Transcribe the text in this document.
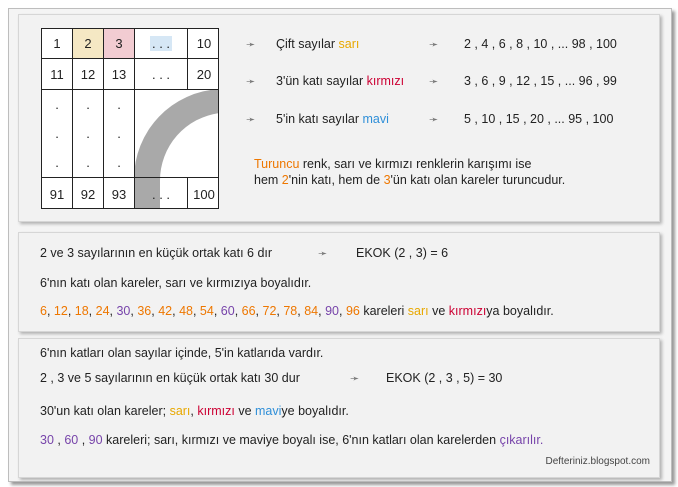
1	2	3	. . .	10
11	12	13	. . .	20
.
.
.
.
.
.
.
.
.
91	92	93	. . .	100
➛ Çift sayılar sarı	➛ 2 , 4 , 6 , 8 , 10 , ... 98 , 100
➛ 3'ün katı sayılar kırmızı ➛ 3 , 6 , 9 , 12 , 15 , ... 96 , 99
➛ 5'in katı sayılar mavi	➛ 5 , 10 , 15 , 20 , ... 95 , 100
Turuncu renk, sarı ve kırmızı renklerin karışımı ise
hem 2'nin katı, hem de 3'ün katı olan kareler turuncudur.
2 ve 3 sayılarının en küçük ortak katı 6 dır	➛ EKOK (2 , 3) = 6
6'nın katı olan kareler, sarı ve kırmızıya boyalıdır.
6, 12, 18, 24, 30, 36, 42, 48, 54, 60, 66, 72, 78, 84, 90, 96 kareleri sarı ve kırmızıya boyalıdır.
6'nın katları olan sayılar içinde, 5'in katlarıda vardır.
2 , 3 ve 5 sayılarının en küçük ortak katı 30 dur	➛ EKOK (2 , 3 , 5) = 30
30'un katı olan kareler; sarı, kırmızı ve maviye boyalıdır.
30 , 60 , 90 kareleri; sarı, kırmızı ve maviye boyalı ise, 6'nın katları olan karelerden çıkarılır.
Defteriniz.blogspot.com
